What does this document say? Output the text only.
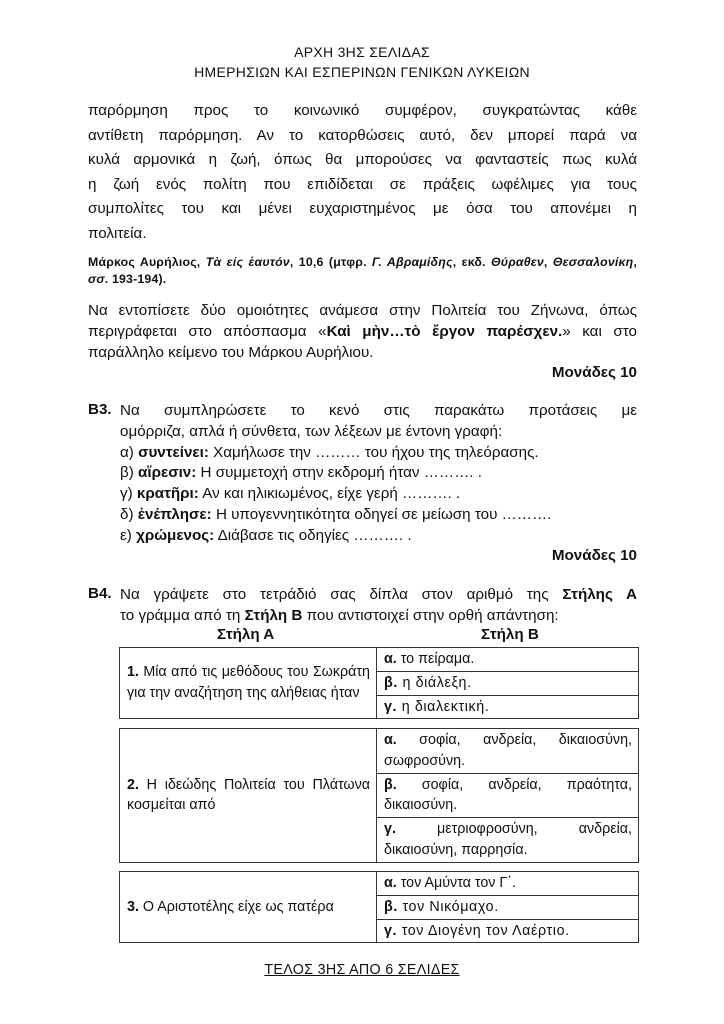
ΑΡΧΗ 3ΗΣ ΣΕΛΙΔΑΣ
ΗΜΕΡΗΣΙΩΝ ΚΑΙ ΕΣΠΕΡΙΝΩΝ ΓΕΝΙΚΩΝ ΛΥΚΕΙΩΝ
παρόρμηση προς το κοινωνικό συμφέρον, συγκρατώντας κάθε
αντίθετη παρόρμηση. Αν το κατορθώσεις αυτό, δεν μπορεί παρά να
κυλά αρμονικά η ζωή, όπως θα μπορούσες να φανταστείς πως κυλά
η ζωή ενός πολίτη που επιδίδεται σε πράξεις ωφέλιμες για τους
συμπολίτες του και μένει ευχαριστημένος με όσα του απονέμει η
πολιτεία.
Μάρκος Αυρήλιος, Τὰ είς ἑαυτόν, 10,6 (μτφρ. Γ. Αβραμίδης, εκδ. Θύραθεν, Θεσσαλονίκη, σσ. 193-194).
Να εντοπίσετε δύο ομοιότητες ανάμεσα στην Πολιτεία του Ζήνωνα, όπως περιγράφεται στο απόσπασμα «Καὶ μὴν…τὸ ἔργον παρέσχεν.» και στο παράλληλο κείμενο του Μάρκου Αυρήλιου.
Μονάδες 10
B3. Να συμπληρώσετε το κενό στις παρακάτω προτάσεις με
ομόρριζα, απλά ή σύνθετα, των λέξεων με έντονη γραφή:
α) συντείνει: Χαμήλωσε την ……… του ήχου της τηλεόρασης.
β) αἵρεσιν: Η συμμετοχή στην εκδρομή ήταν ………. .
γ) κρατῆρι: Αν και ηλικιωμένος, είχε γερή ………. .
δ) ἐνέπλησε: Η υπογεννητικότητα οδηγεί σε μείωση του ……….
ε) χρώμενος: Διάβασε τις οδηγίες ………. .
Μονάδες 10
B4. Να γράψετε στο τετράδιό σας δίπλα στον αριθμό της Στήλης Α
το γράμμα από τη Στήλη Β που αντιστοιχεί στην ορθή απάντηση:
Στήλη Α	Στήλη Β
1. Μία από τις μεθόδους του Σωκράτη για την αναζήτηση της αλήθειας ήταν	α. το πείραμα.
β. η διάλεξη.
γ. η διαλεκτική.
2. Η ιδεώδης Πολιτεία του Πλάτωνα κοσμείται από	α. σοφία, ανδρεία, δικαιοσύνη, σωφροσύνη.
β. σοφία, ανδρεία, πραότητα, δικαιοσύνη.
γ. μετριοφροσύνη, ανδρεία, δικαιοσύνη, παρρησία.
3. Ο Αριστοτέλης είχε ως πατέρα	α. τον Αμύντα τον Γ΄.
β. τον Νικόμαχο.
γ. τον Διογένη τον Λαέρτιο.
ΤΕΛΟΣ 3ΗΣ ΑΠΟ 6 ΣΕΛΙΔΕΣ
